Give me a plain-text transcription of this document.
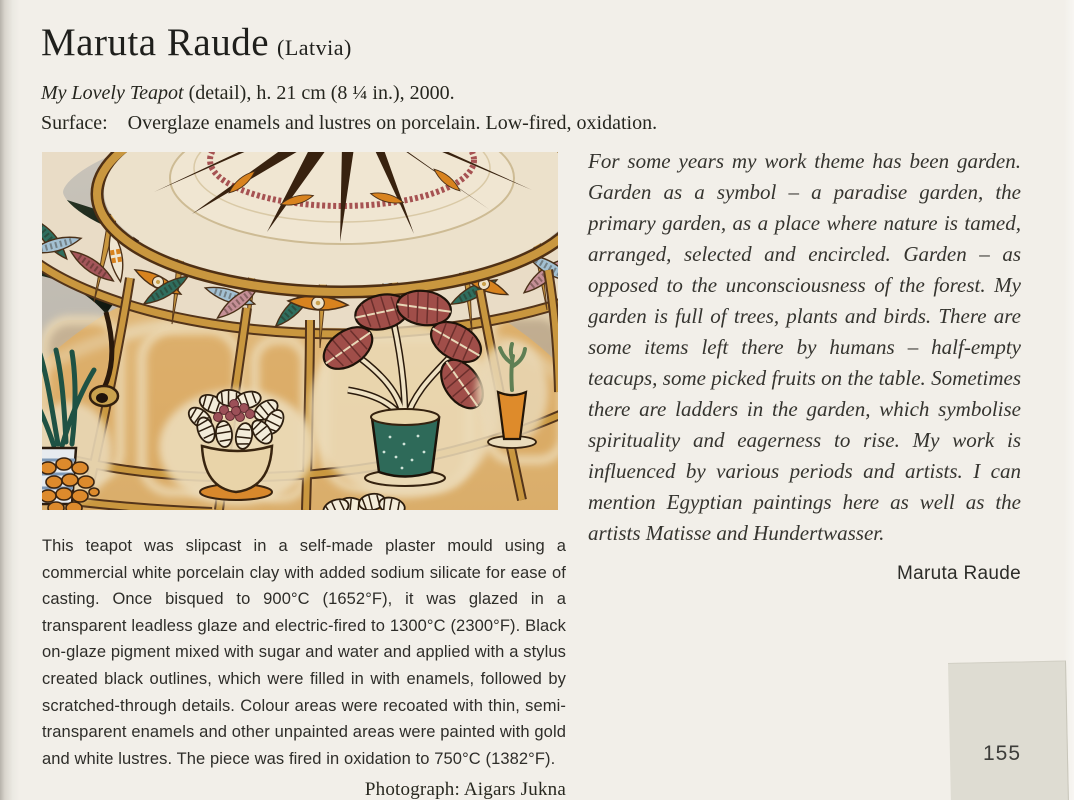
Maruta Raude (Latvia)

My Lovely Teapot (detail), h. 21 cm (8 ¼ in.), 2000.

Surface: Overglaze enamels and lustres on porcelain. Low-fired, oxidation.

For some years my work theme has been garden. Garden as a symbol – a paradise garden, the primary garden, as a place where nature is tamed, arranged, selected and encircled. Garden – as opposed to the unconsciousness of the forest. My garden is full of trees, plants and birds. There are some items left there by humans – half-empty teacups, some picked fruits on the table. Sometimes there are ladders in the garden, which symbolise spirituality and eagerness to rise. My work is influenced by various periods and artists. I can mention Egyptian paintings here as well as the artists Matisse and Hundertwasser.

Maruta Raude

This teapot was slipcast in a self-made plaster mould using a commercial white porcelain clay with added sodium silicate for ease of casting. Once bisqued to 900°C (1652°F), it was glazed in a transparent leadless glaze and electric-fired to 1300°C (2300°F). Black on-glaze pigment mixed with sugar and water and applied with a stylus created black outlines, which were filled in with enamels, followed by scratched-through details. Colour areas were recoated with thin, semi-transparent enamels and other unpainted areas were painted with gold and white lustres. The piece was fired in oxidation to 750°C (1382°F).

Photograph: Aigars Jukna
155
